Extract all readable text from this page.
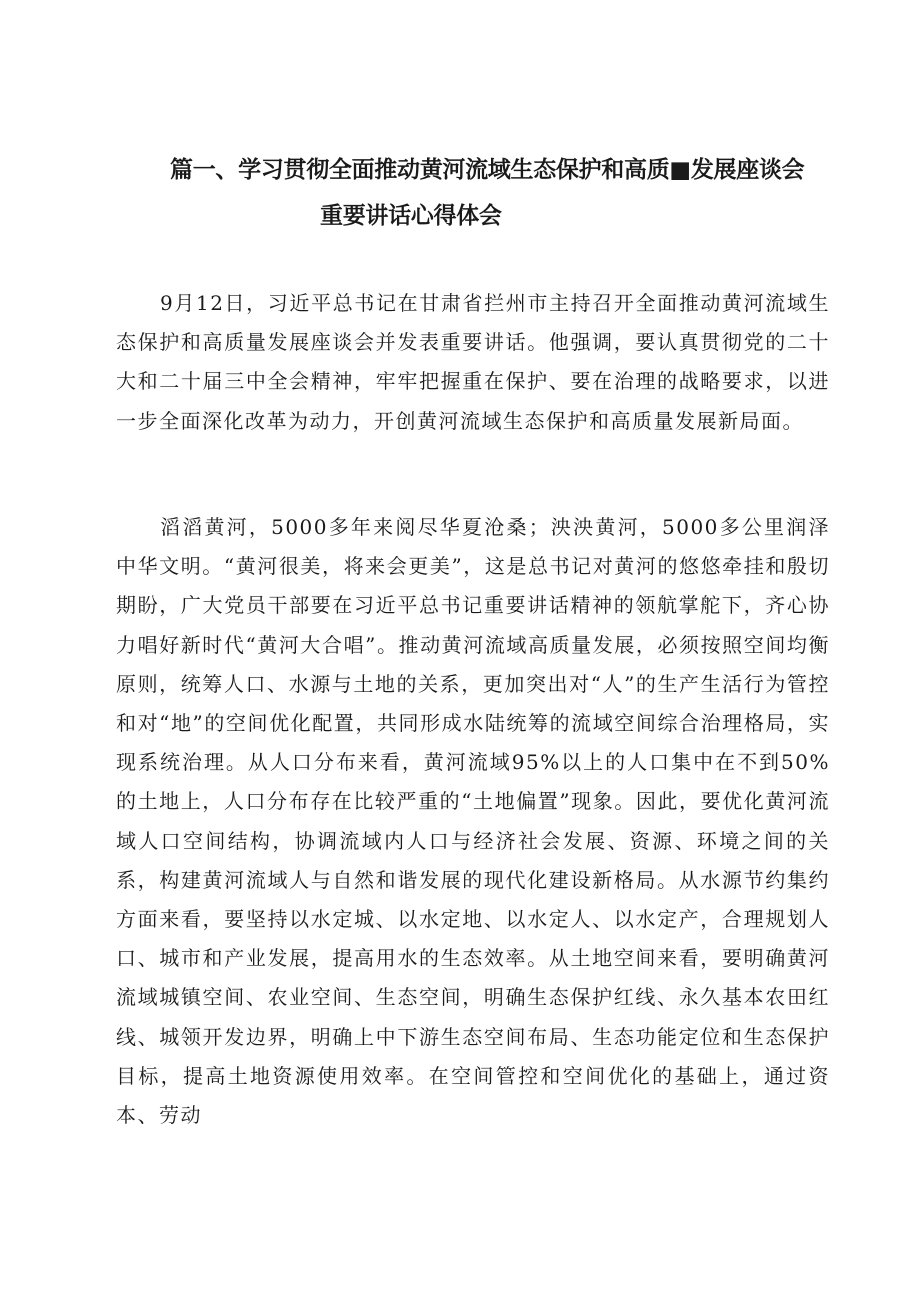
篇一、学习贯彻全面推动黄河流域生态保护和高质■发展座谈会
重要讲话心得体会

9月12日，习近平总书记在甘肃省拦州市主持召开全面推动黄河流域生态保护和高质量发展座谈会并发表重要讲话。他强调，要认真贯彻党的二十大和二十届三中全会精神，牢牢把握重在保护、要在治理的战略要求，以进一步全面深化改革为动力，开创黄河流域生态保护和高质量发展新局面。

滔滔黄河，5000多年来阅尽华夏沧桑；泱泱黄河，5000多公里润泽中华文明。“黄河很美，将来会更美”，这是总书记对黄河的悠悠牵挂和殷切期盼，广大党员干部要在习近平总书记重要讲话精神的领航掌舵下，齐心协力唱好新时代“黄河大合唱”。推动黄河流域高质量发展，必须按照空间均衡原则，统筹人口、水源与土地的关系，更加突出对“人”的生产生活行为管控和对“地”的空间优化配置，共同形成水陆统筹的流域空间综合治理格局，实现系统治理。从人口分布来看，黄河流域95%以上的人口集中在不到50%的土地上，人口分布存在比较严重的“土地偏置”现象。因此，要优化黄河流域人口空间结构，协调流域内人口与经济社会发展、资源、环境之间的关系，构建黄河流域人与自然和谐发展的现代化建设新格局。从水源节约集约方面来看，要坚持以水定城、以水定地、以水定人、以水定产，合理规划人口、城市和产业发展，提高用水的生态效率。从土地空间来看，要明确黄河流域城镇空间、农业空间、生态空间，明确生态保护红线、永久基本农田红线、城领开发边界，明确上中下游生态空间布局、生态功能定位和生态保护目标，提高土地资源使用效率。在空间管控和空间优化的基础上，通过资本、劳动
